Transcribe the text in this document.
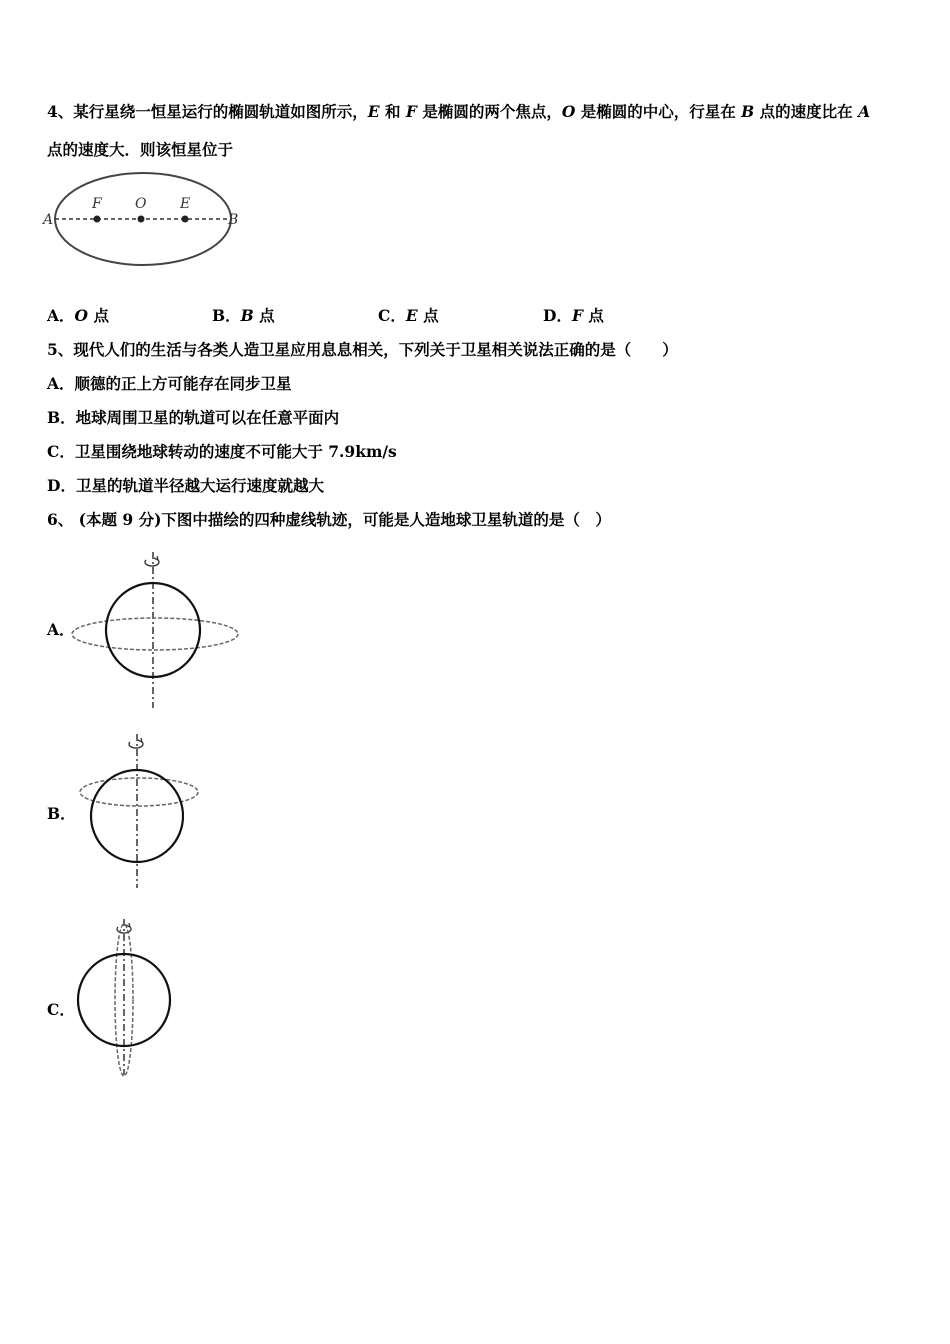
4、某行星绕一恒星运行的椭圆轨道如图所示，E 和 F 是椭圆的两个焦点，O 是椭圆的中心，行星在 B 点的速度比在 A
点的速度大．则该恒星位于
A	B
F O E
A．O 点	B．B 点	C．E 点	D．F 点
5、现代人们的生活与各类人造卫星应用息息相关，下列关于卫星相关说法正确的是（　　）
A．顺德的正上方可能存在同步卫星
B．地球周围卫星的轨道可以在任意平面内
C．卫星围绕地球转动的速度不可能大于 7.9km/s
D．卫星的轨道半径越大运行速度就越大
6、 (本题 9 分)下图中描绘的四种虚线轨迹，可能是人造地球卫星轨道的是（　）
A．
B．
C．
